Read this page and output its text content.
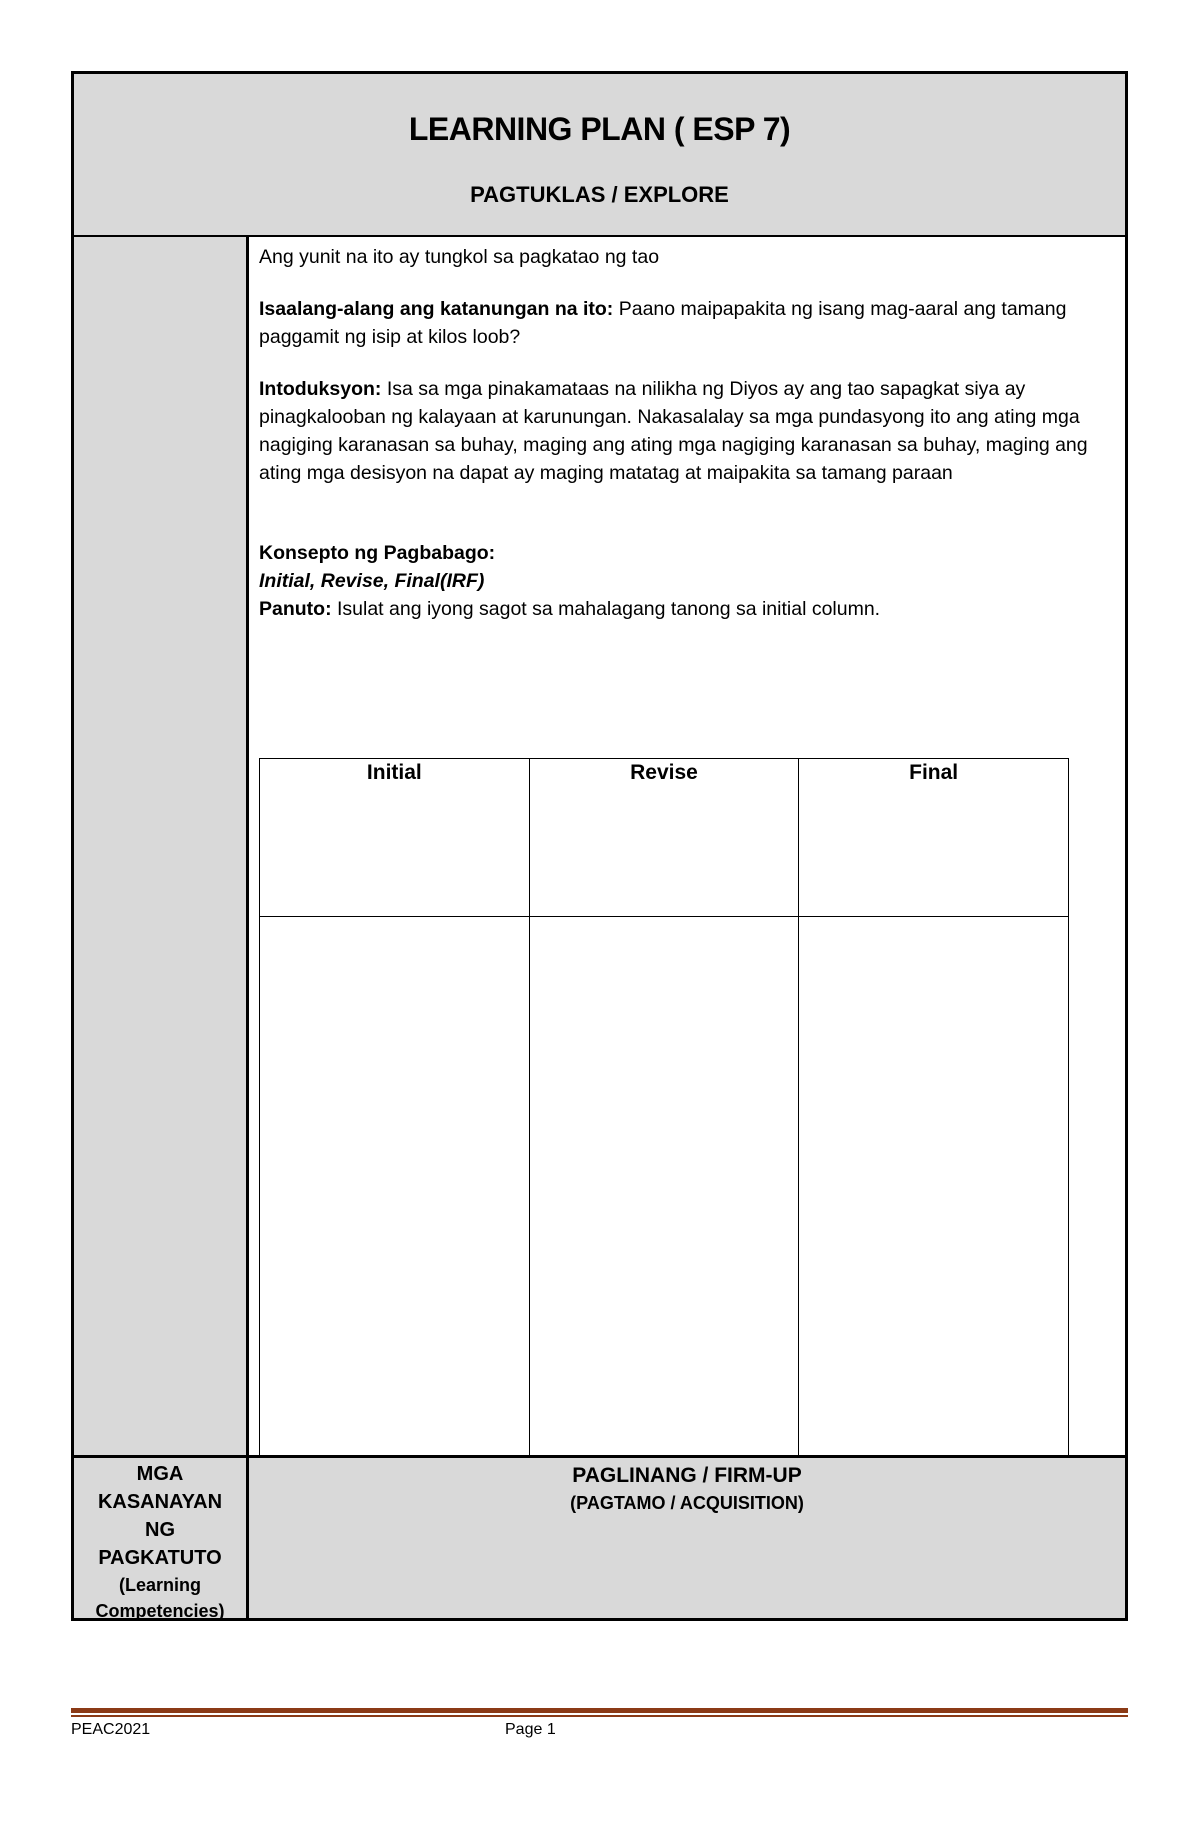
LEARNING PLAN ( ESP 7)
PAGTUKLAS / EXPLORE

Ang yunit na ito ay tungkol sa pagkatao ng tao

Isaalang-alang ang katanungan na ito: Paano maipapakita ng isang mag-aaral ang tamang paggamit ng isip at kilos loob?

Intoduksyon: Isa sa mga pinakamataas na nilikha ng Diyos ay ang tao sapagkat siya ay pinagkalooban ng kalayaan at karunungan. Nakasalalay sa mga pundasyong ito ang ating mga nagiging karanasan sa buhay, maging ang ating mga nagiging karanasan sa buhay, maging ang ating mga desisyon na dapat ay maging matatag at maipakita sa tamang paraan

Konsepto ng Pagbabago:

Initial, Revise, Final(IRF)

Panuto: Isulat ang iyong sagot sa mahalagang tanong sa initial column.

Initial	Revise	Final

MGA
KASANAYAN
NG
PAGKATUTO
(Learning
Competencies)
PAGLINANG / FIRM-UP
(PAGTAMO / ACQUISITION)
PEAC2021	Page 1
